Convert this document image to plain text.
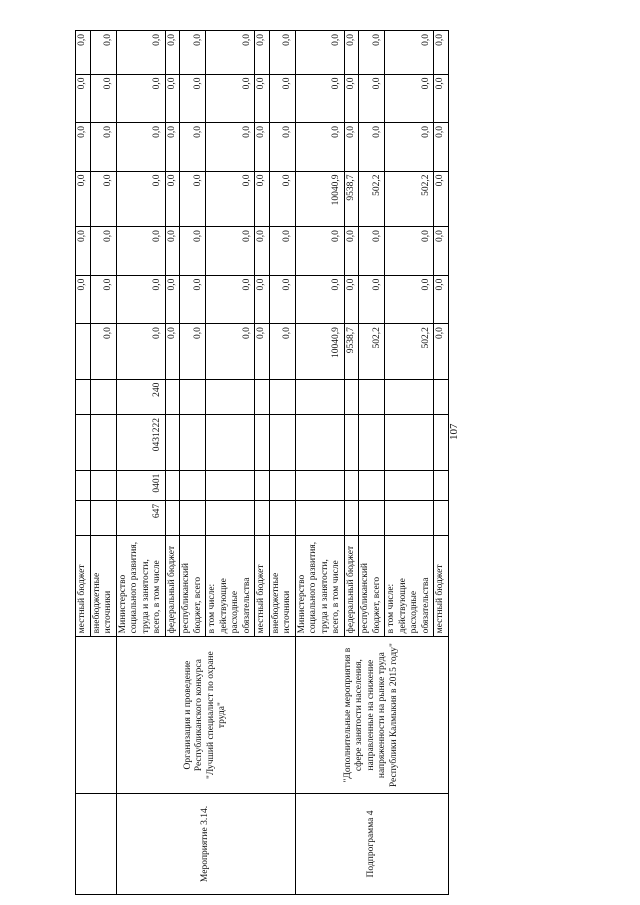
107
		местный бюджет						0,0	0,0	0,0	0,0	0,0	0,0
		внебюджетные источники					0,0	0,0	0,0	0,0	0,0	0,0	0,0
Мероприятие 3.14.	Организация и проведение Республиканского конкурса "Лучший специалист по охране труда"	Министерство социального развития, труда и занятости, всего, в том числе	647	0401	0431222	240	0,0	0,0	0,0	0,0	0,0	0,0	0,0
		федеральный бюджет					0,0	0,0	0,0	0,0	0,0	0,0	0,0
		республиканский бюджет, всего					0,0	0,0	0,0	0,0	0,0	0,0	0,0
		в том числе: действующие расходные обязательства					0,0	0,0	0,0	0,0	0,0	0,0	0,0
		местный бюджет					0,0	0,0	0,0	0,0	0,0	0,0	0,0
		внебюджетные источники					0,0	0,0	0,0	0,0	0,0	0,0	0,0
Подпрограмма 4	"Дополнительные мероприятия в сфере занятости населения, направленные на снижение напряженности на рынке труда Республики Калмыкия в 2015 году"	Министерство социального развития, труда и занятости, всего, в том числе					10040,9	0,0	0,0	10040,9	0,0	0,0	0,0
		федеральный бюджет					9538,7	0,0	0,0	9538,7	0,0	0,0	0,0
		республиканский бюджет, всего					502,2	0,0	0,0	502,2	0,0	0,0	0,0
		в том числе: действующие расходные обязательства					502,2	0,0	0,0	502,2	0,0	0,0	0,0
		местный бюджет					0,0	0,0	0,0	0,0	0,0	0,0	0,0
